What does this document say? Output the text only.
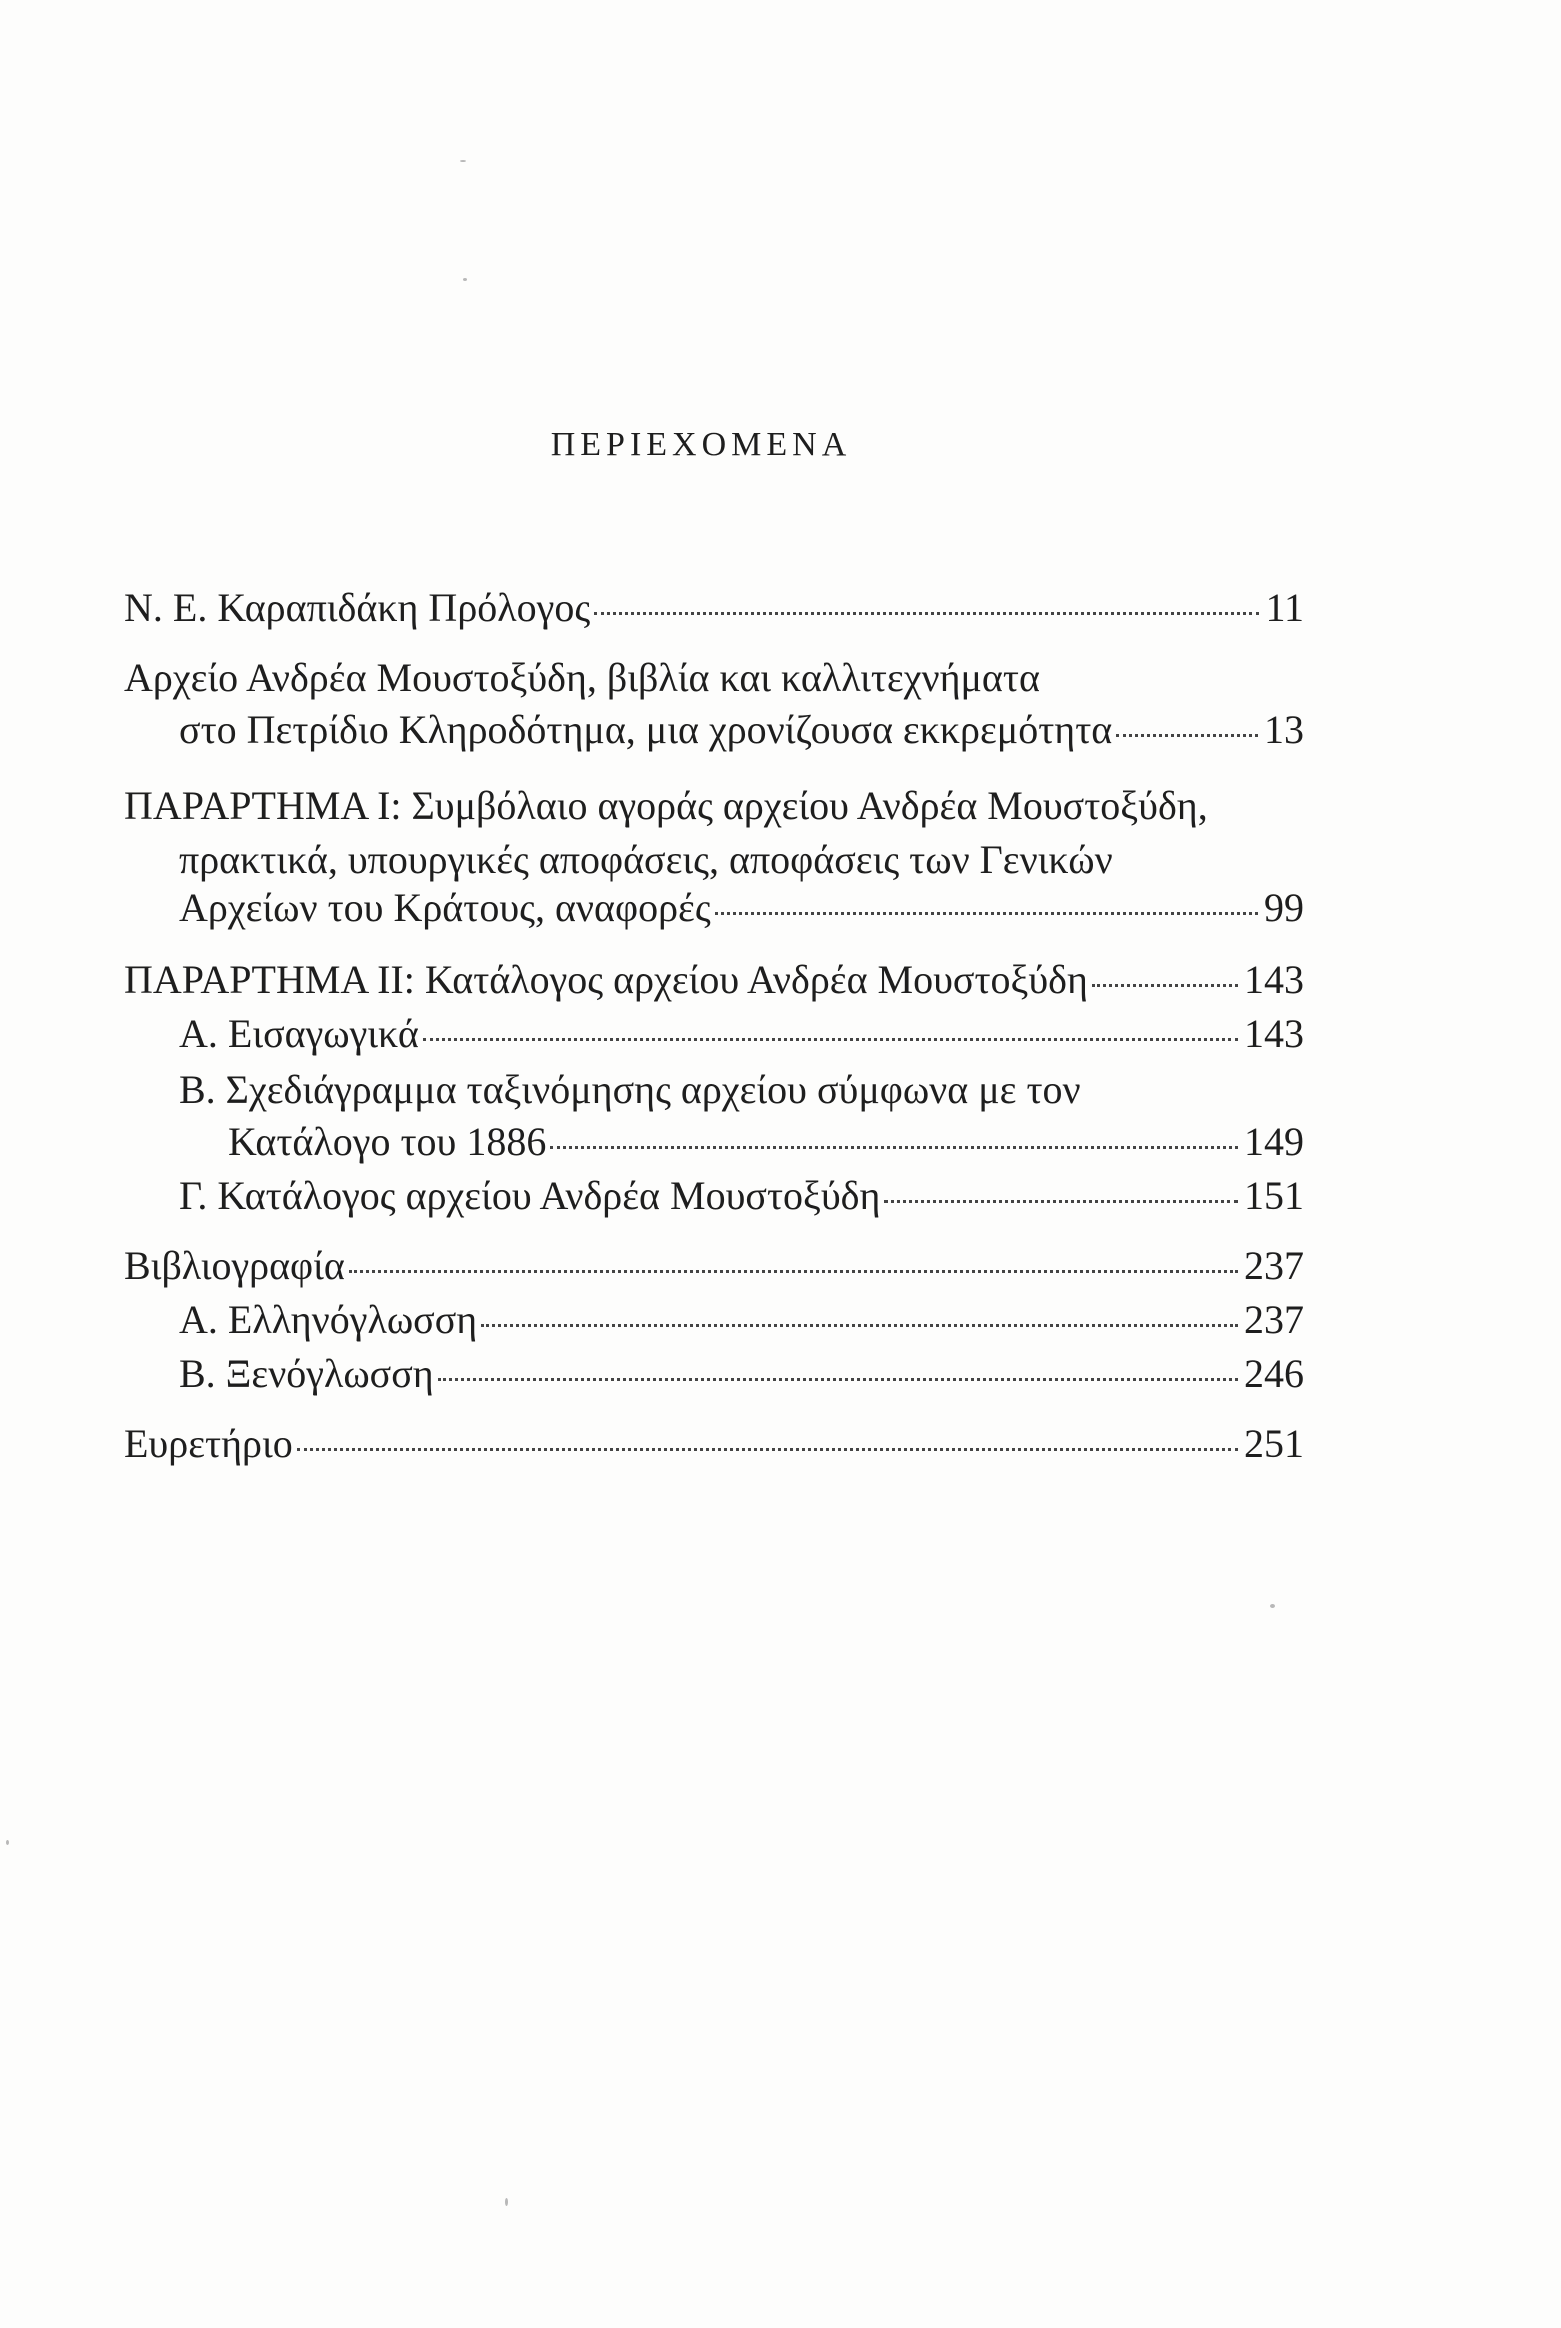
ΠΕΡΙΕΧΟΜΕΝΑ
Ν. Ε. Καραπιδάκη Πρόλογος	11
Αρχείο Ανδρέα Μουστοξύδη, βιβλία και καλλιτεχνήματα
στο Πετρίδιο Κληροδότημα, μια χρονίζουσα εκκρεμότητα	13
ΠΑΡΑΡΤΗΜΑ Ι: Συμβόλαιο αγοράς αρχείου Ανδρέα Μουστοξύδη,
πρακτικά, υπουργικές αποφάσεις, αποφάσεις των Γενικών
Αρχείων του Κράτους, αναφορές	99
ΠΑΡΑΡΤΗΜΑ ΙΙ: Κατάλογος αρχείου Ανδρέα Μουστοξύδη	143
Α. Εισαγωγικά	143
Β. Σχεδιάγραμμα ταξινόμησης αρχείου σύμφωνα με τον
Κατάλογο του 1886	149
Γ. Κατάλογος αρχείου Ανδρέα Μουστοξύδη	151
Βιβλιογραφία	237
Α. Ελληνόγλωσση	237
Β. Ξενόγλωσση	246
Ευρετήριο	251
